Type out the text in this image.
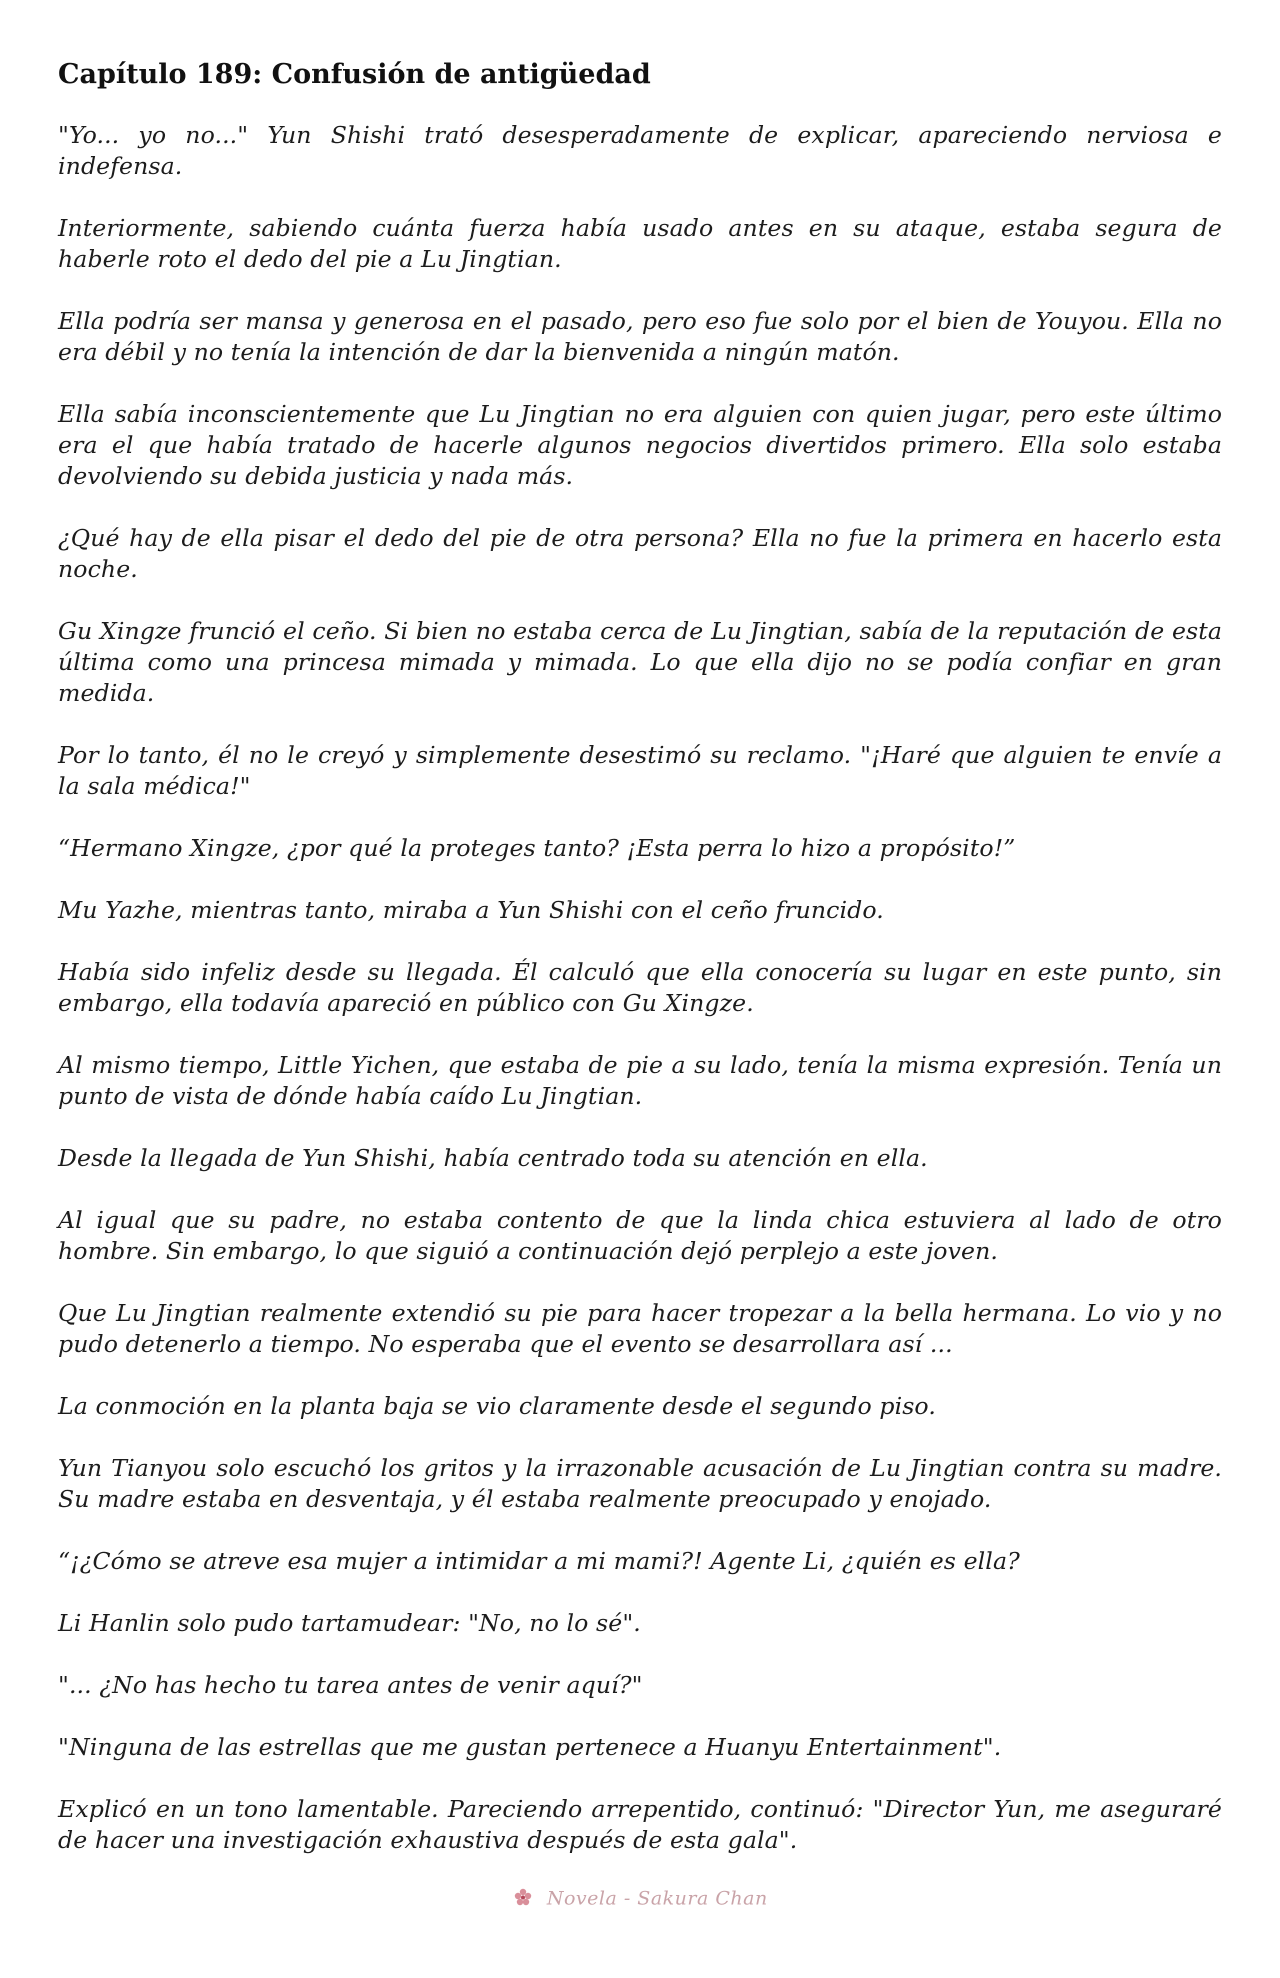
Capítulo 189: Confusión de antigüedad

"Yo... yo no..." Yun Shishi trató desesperadamente de explicar, apareciendo nerviosa e indefensa.

Interiormente, sabiendo cuánta fuerza había usado antes en su ataque, estaba segura de haberle roto el dedo del pie a Lu Jingtian.

Ella podría ser mansa y generosa en el pasado, pero eso fue solo por el bien de Youyou. Ella no era débil y no tenía la intención de dar la bienvenida a ningún matón.

Ella sabía inconscientemente que Lu Jingtian no era alguien con quien jugar, pero este último era el que había tratado de hacerle algunos negocios divertidos primero. Ella solo estaba devolviendo su debida justicia y nada más.

¿Qué hay de ella pisar el dedo del pie de otra persona? Ella no fue la primera en hacerlo esta noche.

Gu Xingze frunció el ceño. Si bien no estaba cerca de Lu Jingtian, sabía de la reputación de esta última como una princesa mimada y mimada. Lo que ella dijo no se podía confiar en gran medida.

Por lo tanto, él no le creyó y simplemente desestimó su reclamo. "¡Haré que alguien te envíe a la sala médica!"

“Hermano Xingze, ¿por qué la proteges tanto? ¡Esta perra lo hizo a propósito!”

Mu Yazhe, mientras tanto, miraba a Yun Shishi con el ceño fruncido.

Había sido infeliz desde su llegada. Él calculó que ella conocería su lugar en este punto, sin embargo, ella todavía apareció en público con Gu Xingze.

Al mismo tiempo, Little Yichen, que estaba de pie a su lado, tenía la misma expresión. Tenía un punto de vista de dónde había caído Lu Jingtian.

Desde la llegada de Yun Shishi, había centrado toda su atención en ella.

Al igual que su padre, no estaba contento de que la linda chica estuviera al lado de otro hombre. Sin embargo, lo que siguió a continuación dejó perplejo a este joven.

Que Lu Jingtian realmente extendió su pie para hacer tropezar a la bella hermana. Lo vio y no pudo detenerlo a tiempo. No esperaba que el evento se desarrollara así ...

La conmoción en la planta baja se vio claramente desde el segundo piso.

Yun Tianyou solo escuchó los gritos y la irrazonable acusación de Lu Jingtian contra su madre. Su madre estaba en desventaja, y él estaba realmente preocupado y enojado.

“¡¿Cómo se atreve esa mujer a intimidar a mi mami?! Agente Li, ¿quién es ella?

Li Hanlin solo pudo tartamudear: "No, no lo sé".

"... ¿No has hecho tu tarea antes de venir aquí?"

"Ninguna de las estrellas que me gustan pertenece a Huanyu Entertainment".

Explicó en un tono lamentable. Pareciendo arrepentido, continuó: "Director Yun, me aseguraré de hacer una investigación exhaustiva después de esta gala".

Novela - Sakura Chan
